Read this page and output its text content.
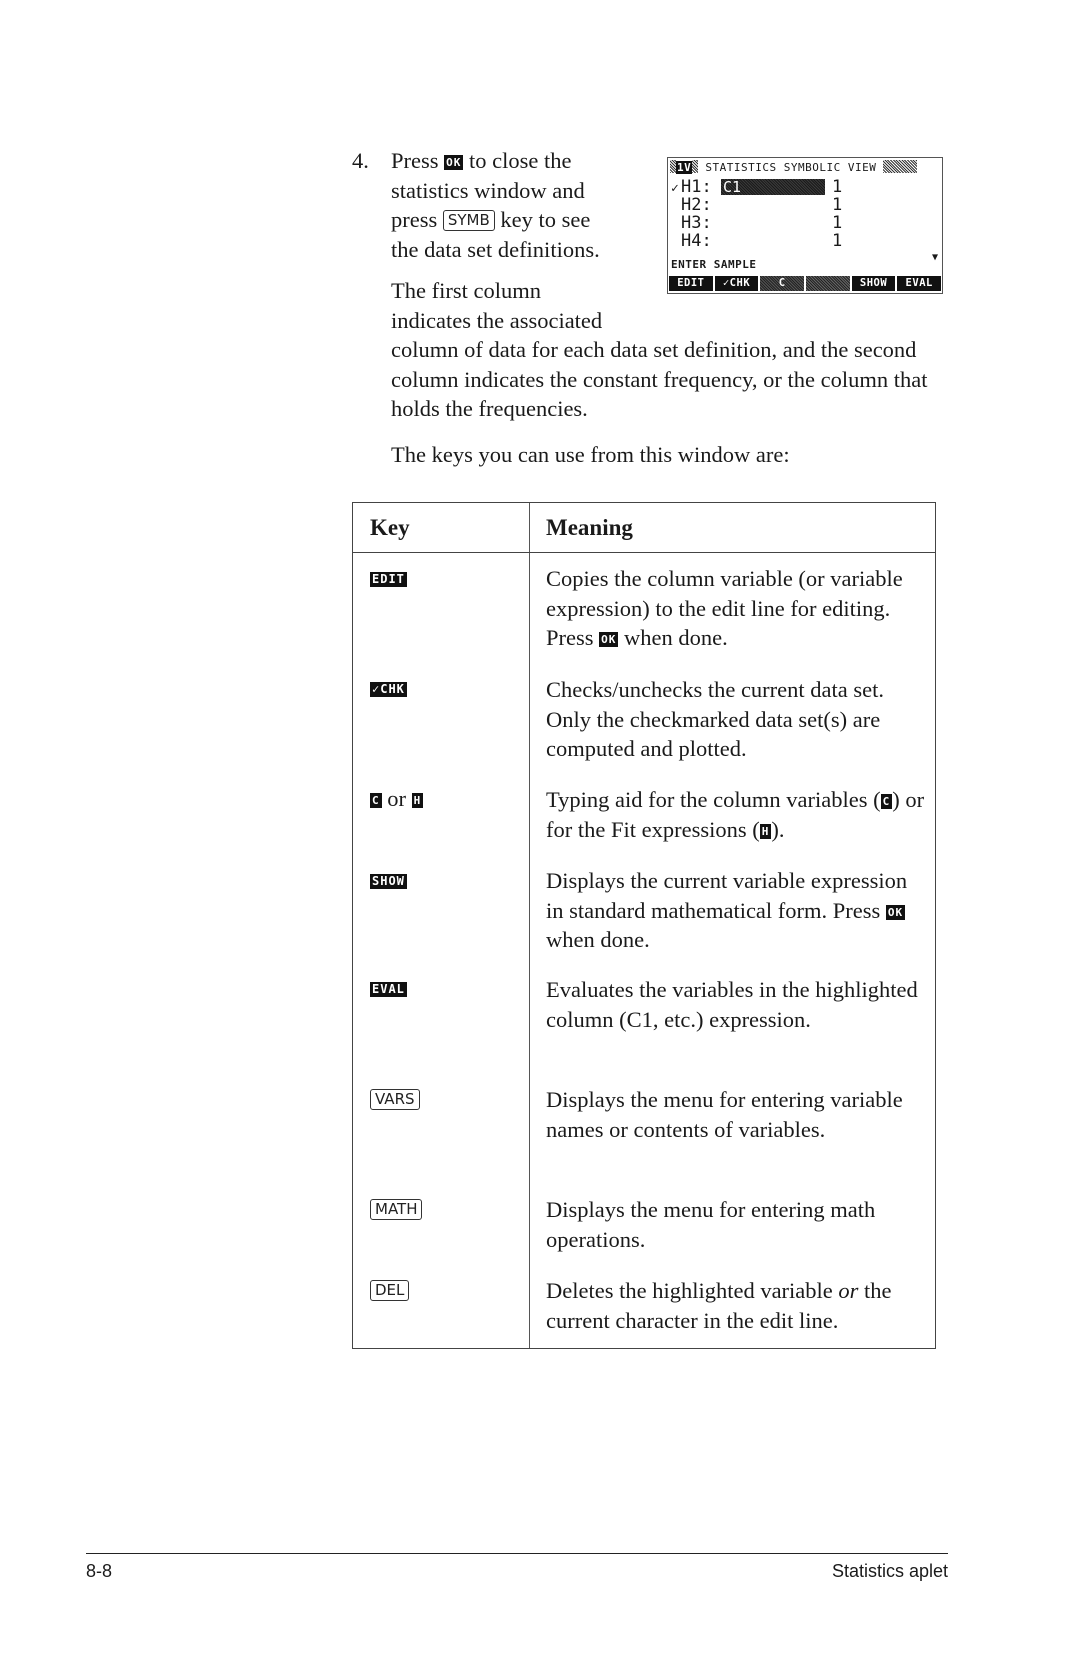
4. Press OK to close the statistics window and press SYMB key to see the data set definitions.
The first column
indicates the associated
column of data for each data set definition, and the second column indicates the constant frequency, or the column that holds the frequencies.
The keys you can use from this window are:
1V STATISTICS SYMBOLIC VIEW
✓ H1: C1	1
H2:	1
H3:	1
H4:	1
▼
ENTER SAMPLE
EDIT	✓CHK	C	SHOW	EVAL
Key	Meaning
EDIT	Copies the column variable (or variable expression) to the edit line for editing. Press OK when done.
✓CHK	Checks/unchecks the current data set. Only the checkmarked data set(s) are computed and plotted.
C or H	Typing aid for the column variables ( C) or for the Fit expressions ( H).
SHOW	Displays the current variable expression in standard mathematical form. Press OK when done.
EVAL	Evaluates the variables in the highlighted column (C1, etc.) expression.
VARS	Displays the menu for entering variable names or contents of variables.
MATH	Displays the menu for entering math operations.
DEL	Deletes the highlighted variable or the current character in the edit line.
8-8	Statistics aplet
